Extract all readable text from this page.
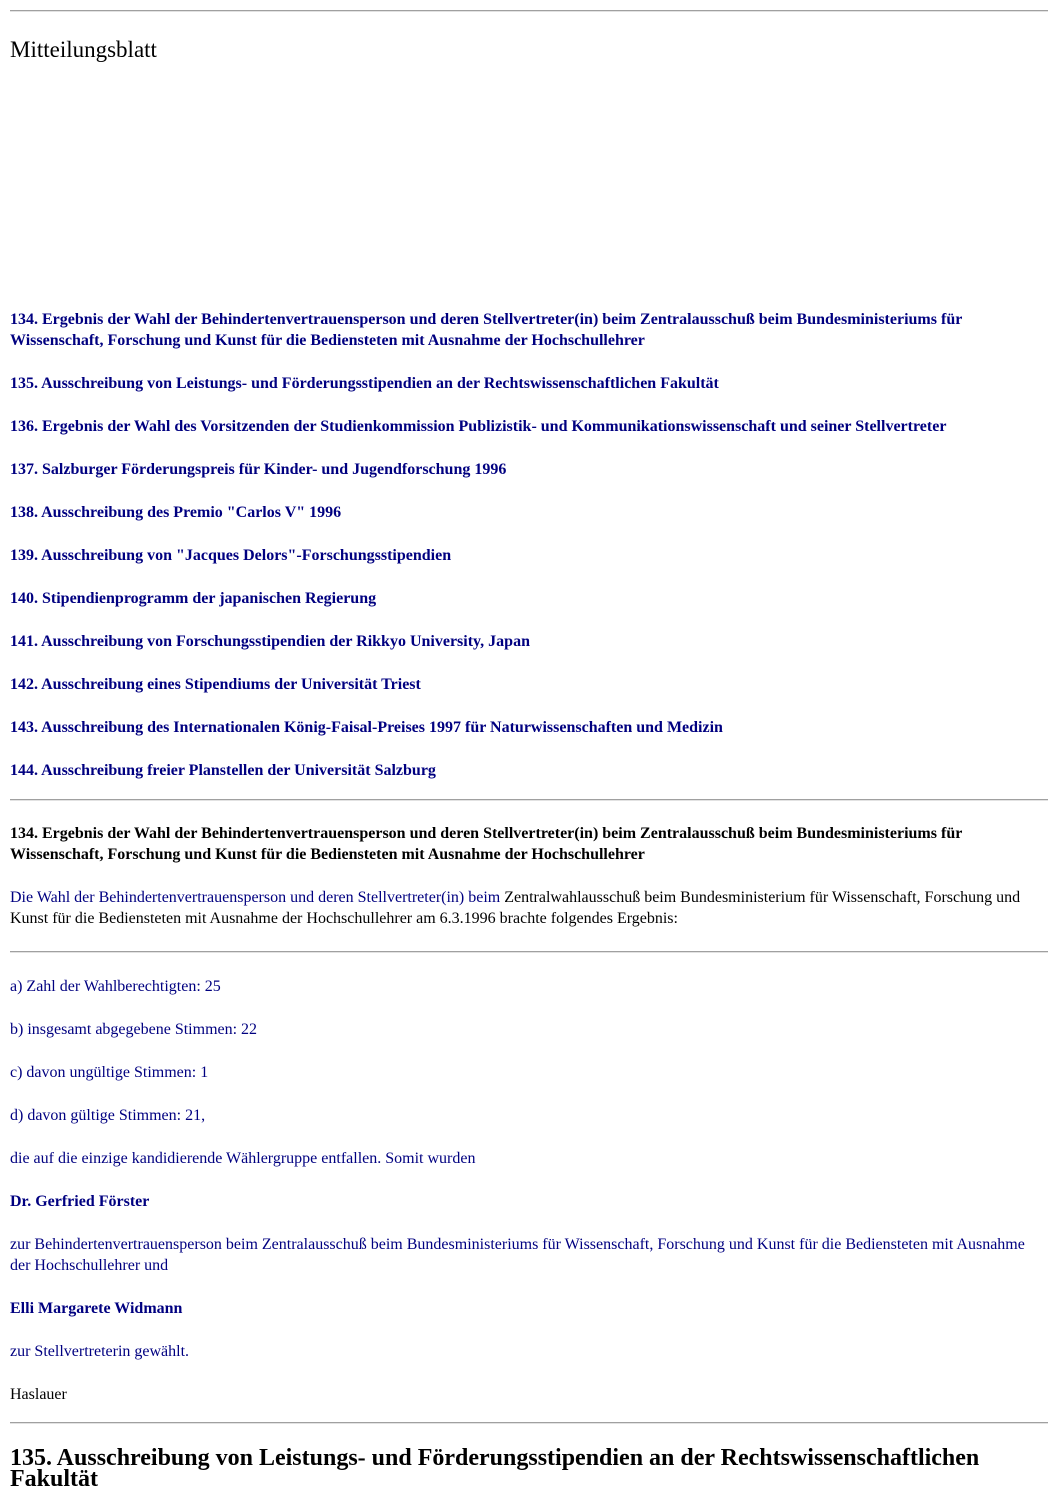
Mitteilungsblatt
134. Ergebnis der Wahl der Behindertenvertrauensperson und deren Stellvertreter(in) beim Zentralausschuß beim Bundesministeriums für Wissenschaft, Forschung und Kunst für die Bediensteten mit Ausnahme der Hochschullehrer
135. Ausschreibung von Leistungs- und Förderungsstipendien an der Rechtswissenschaftlichen Fakultät
136. Ergebnis der Wahl des Vorsitzenden der Studienkommission Publizistik- und Kommunikationswissenschaft und seiner Stellvertreter
137. Salzburger Förderungspreis für Kinder- und Jugendforschung 1996
138. Ausschreibung des Premio "Carlos V" 1996
139. Ausschreibung von "Jacques Delors"-Forschungsstipendien
140. Stipendienprogramm der japanischen Regierung
141. Ausschreibung von Forschungsstipendien der Rikkyo University, Japan
142. Ausschreibung eines Stipendiums der Universität Triest
143. Ausschreibung des Internationalen König-Faisal-Preises 1997 für Naturwissenschaften und Medizin
144. Ausschreibung freier Planstellen der Universität Salzburg
134. Ergebnis der Wahl der Behindertenvertrauensperson und deren Stellvertreter(in) beim Zentralausschuß beim Bundesministeriums für Wissenschaft, Forschung und Kunst für die Bediensteten mit Ausnahme der Hochschullehrer

Die Wahl der Behindertenvertrauensperson und deren Stellvertreter(in) beim Zentralwahlausschuß beim Bundesministerium für Wissenschaft, Forschung und Kunst für die Bediensteten mit Ausnahme der Hochschullehrer am 6.3.1996 brachte folgendes Ergebnis:

a) Zahl der Wahlberechtigten: 25

b) insgesamt abgegebene Stimmen: 22

c) davon ungültige Stimmen: 1

d) davon gültige Stimmen: 21,

die auf die einzige kandidierende Wählergruppe entfallen. Somit wurden

Dr. Gerfried Förster

zur Behindertenvertrauensperson beim Zentralausschuß beim Bundesministeriums für Wissenschaft, Forschung und Kunst für die Bediensteten mit Ausnahme der Hochschullehrer und

Elli Margarete Widmann

zur Stellvertreterin gewählt.

Haslauer

135. Ausschreibung von Leistungs- und Förderungsstipendien an der Rechtswissenschaftlichen Fakultät
